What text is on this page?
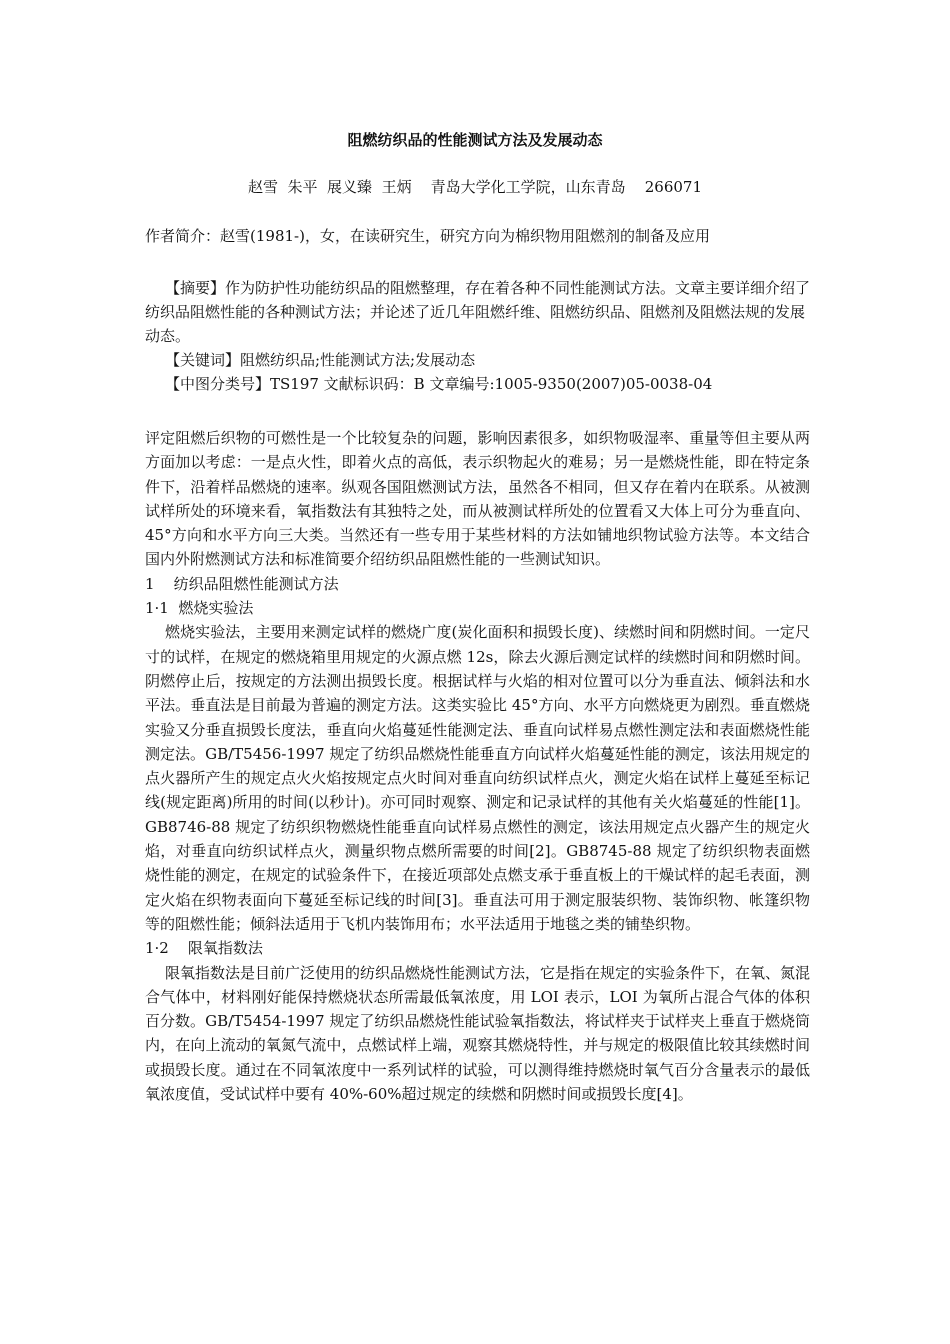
阻燃纺织品的性能测试方法及发展动态
赵雪  朱平  展义臻  王炳    青岛大学化工学院，山东青岛    266071
作者简介：赵雪(1981-)，女，在读研究生，研究方向为棉织物用阻燃剂的制备及应用

【摘要】作为防护性功能纺织品的阻燃整理，存在着各种不同性能测试方法。文章主要详细介绍了纺织品阻燃性能的各种测试方法；并论述了近几年阻燃纤维、阻燃纺织品、阻燃剂及阻燃法规的发展动态。

【关键词】阻燃纺织品;性能测试方法;发展动态

【中图分类号】TS197 文献标识码：B 文章编号:1005-9350(2007)05-0038-04

评定阻燃后织物的可燃性是一个比较复杂的问题，影响因素很多，如织物吸湿率、重量等但主要从两方面加以考虑：一是点火性，即着火点的高低，表示织物起火的难易；另一是燃烧性能，即在特定条件下，沿着样品燃烧的速率。纵观各国阻燃测试方法，虽然各不相同，但又存在着内在联系。从被测试样所处的环境来看，氧指数法有其独特之处，而从被测试样所处的位置看又大体上可分为垂直向、45°方向和水平方向三大类。当然还有一些专用于某些材料的方法如铺地织物试验方法等。本文结合国内外附燃测试方法和标准简要介绍纺织品阻燃性能的一些测试知识。

1    纺织品阻燃性能测试方法

1·1  燃烧实验法

燃烧实验法，主要用来测定试样的燃烧广度(炭化面积和损毁长度)、续燃时间和阴燃时间。一定尺寸的试样，在规定的燃烧箱里用规定的火源点燃 12s，除去火源后测定试样的续燃时间和阴燃时间。阴燃停止后，按规定的方法测出损毁长度。根据试样与火焰的相对位置可以分为垂直法、倾斜法和水平法。垂直法是目前最为普遍的测定方法。这类实验比 45°方向、水平方向燃烧更为剧烈。垂直燃烧实验又分垂直损毁长度法，垂直向火焰蔓延性能测定法、垂直向试样易点燃性测定法和表面燃烧性能测定法。GB/T5456-1997 规定了纺织品燃烧性能垂直方向试样火焰蔓延性能的测定，该法用规定的点火器所产生的规定点火火焰按规定点火时间对垂直向纺织试样点火，测定火焰在试样上蔓延至标记线(规定距离)所用的时间(以秒计)。亦可同时观察、测定和记录试样的其他有关火焰蔓延的性能[1]。GB8746-88 规定了纺织织物燃烧性能垂直向试样易点燃性的测定，该法用规定点火器产生的规定火焰，对垂直向纺织试样点火，测量织物点燃所需要的时间[2]。GB8745-88 规定了纺织织物表面燃烧性能的测定，在规定的试验条件下，在接近项部处点燃支承于垂直板上的干燥试样的起毛表面，测定火焰在织物表面向下蔓延至标记线的时间[3]。垂直法可用于测定服装织物、装饰织物、帐篷织物等的阻燃性能；倾斜法适用于飞机内装饰用布；水平法适用于地毯之类的铺垫织物。

1·2    限氧指数法

限氧指数法是目前广泛使用的纺织品燃烧性能测试方法，它是指在规定的实验条件下，在氧、氮混合气体中，材料刚好能保持燃烧状态所需最低氧浓度，用 LOI 表示，LOI 为氧所占混合气体的体积百分数。GB/T5454-1997 规定了纺织品燃烧性能试验氧指数法，将试样夹于试样夹上垂直于燃烧筒内，在向上流动的氧氮气流中，点燃试样上端，观察其燃烧特性，并与规定的极限值比较其续燃时间或损毁长度。通过在不同氧浓度中一系列试样的试验，可以测得维持燃烧时氧气百分含量表示的最低氧浓度值，受试试样中要有 40%-60%超过规定的续燃和阴燃时间或损毁长度[4]。
